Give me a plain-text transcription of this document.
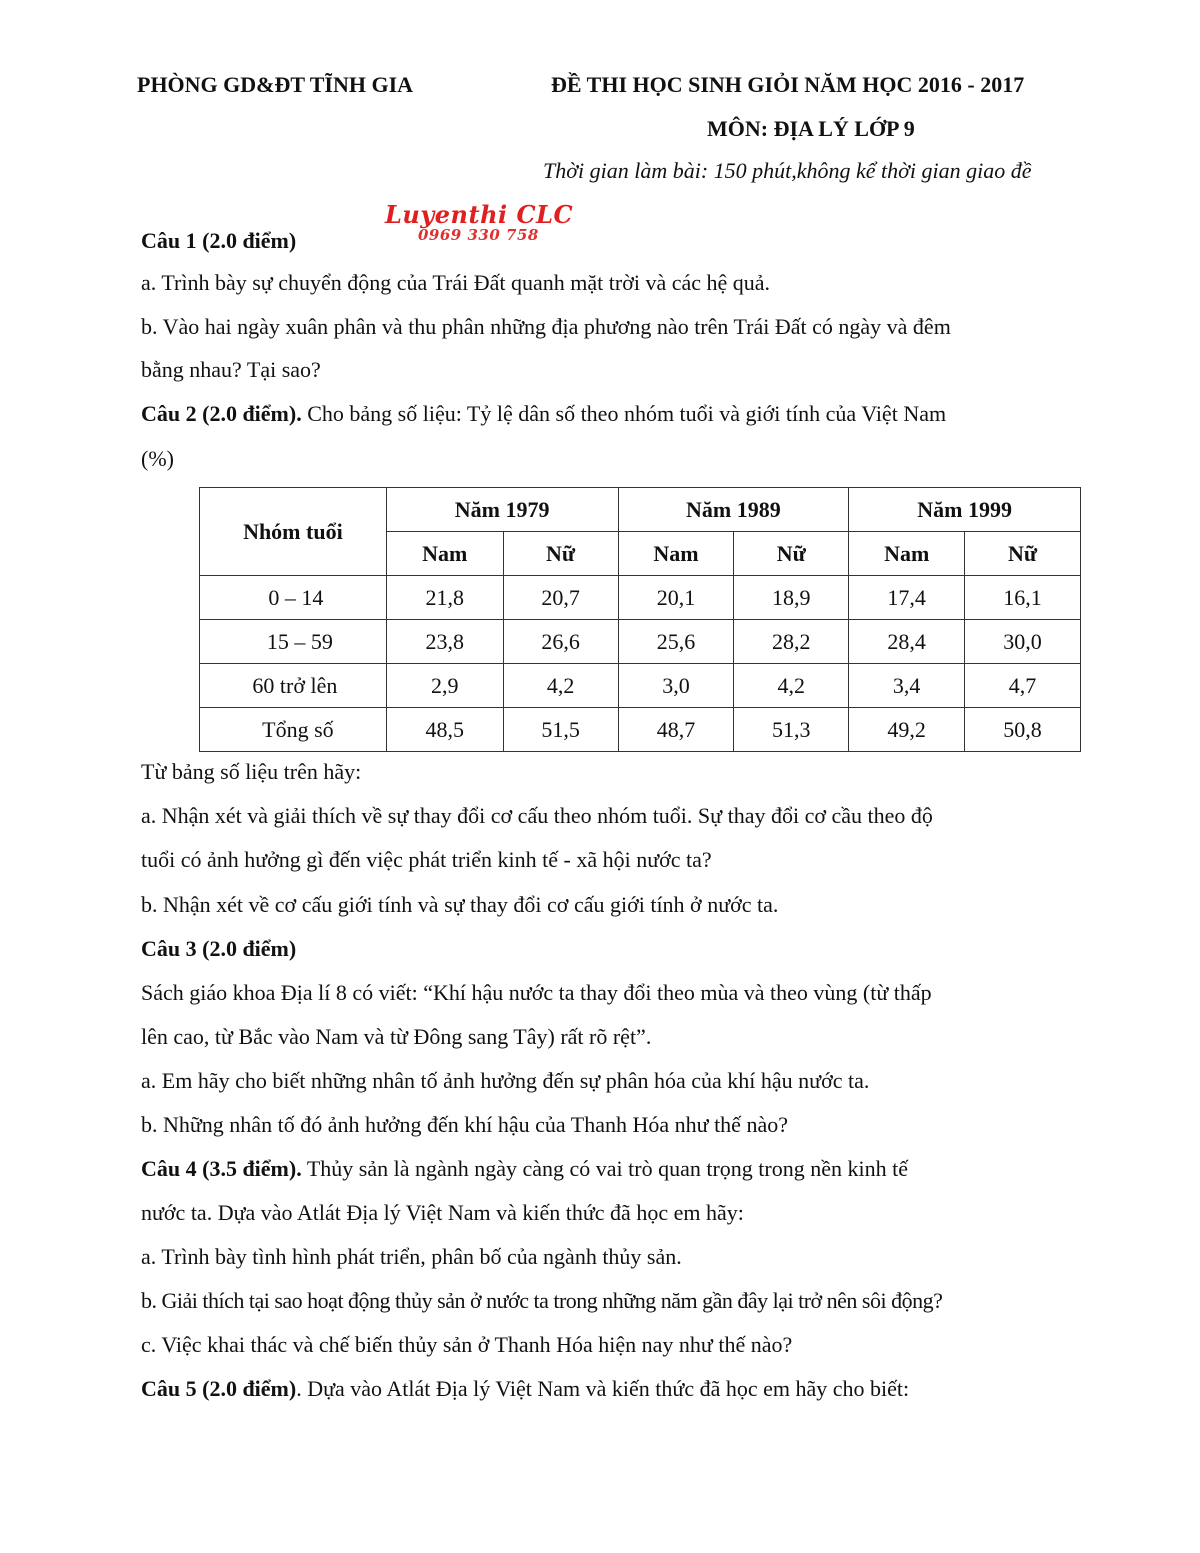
PHÒNG GD&ĐT TĨNH GIA	ĐỀ THI HỌC SINH GIỎI NĂM HỌC 2016 - 2017
MÔN: ĐỊA LÝ LỚP 9
Thời gian làm bài: 150 phút,không kể thời gian giao đề
Luyenthi CLC
0969 330 758
Câu 1 (2.0 điểm)
a. Trình bày sự chuyển động của Trái Đất quanh mặt trời và các hệ quả.
b. Vào hai ngày xuân phân và thu phân những địa phương nào trên Trái Đất có ngày và đêm
bằng nhau? Tại sao?
Câu 2 (2.0 điểm). Cho bảng số liệu: Tỷ lệ dân số theo nhóm tuổi và giới tính của Việt Nam
(%)
Nhóm tuổi	Năm 1979		Năm 1989		Năm 1999	
	Nam	Nữ	Nam	Nữ	Nam	Nữ
0 – 14	21,8	20,7	20,1	18,9	17,4	16,1
15 – 59	23,8	26,6	25,6	28,2	28,4	30,0
60 trở lên	2,9	4,2	3,0	4,2	3,4	4,7
Tổng số	48,5	51,5	48,7	51,3	49,2	50,8
Từ bảng số liệu trên hãy:
a. Nhận xét và giải thích về sự thay đổi cơ cấu theo nhóm tuổi. Sự thay đổi cơ cầu theo độ
tuổi có ảnh hưởng gì đến việc phát triển kinh tế - xã hội nước ta?
b. Nhận xét về cơ cấu giới tính và sự thay đổi cơ cấu giới tính ở nước ta.
Câu 3 (2.0 điểm)
Sách giáo khoa Địa lí 8 có viết: “Khí hậu nước ta thay đổi theo mùa và theo vùng (từ thấp
lên cao, từ Bắc vào Nam và từ Đông sang Tây) rất rõ rệt”.
a. Em hãy cho biết những nhân tố ảnh hưởng đến sự phân hóa của khí hậu nước ta.
b. Những nhân tố đó ảnh hưởng đến khí hậu của Thanh Hóa như thế nào?
Câu 4 (3.5 điểm). Thủy sản là ngành ngày càng có vai trò quan trọng trong nền kinh tế
nước ta. Dựa vào Atlát Địa lý Việt Nam và kiến thức đã học em hãy:
a. Trình bày tình hình phát triển, phân bố của ngành thủy sản.
b. Giải thích tại sao hoạt động thủy sản ở nước ta trong những năm gần đây lại trở nên sôi động?
c. Việc khai thác và chế biến thủy sản ở Thanh Hóa hiện nay như thế nào?
Câu 5 (2.0 điểm). Dựa vào Atlát Địa lý Việt Nam và kiến thức đã học em hãy cho biết:
